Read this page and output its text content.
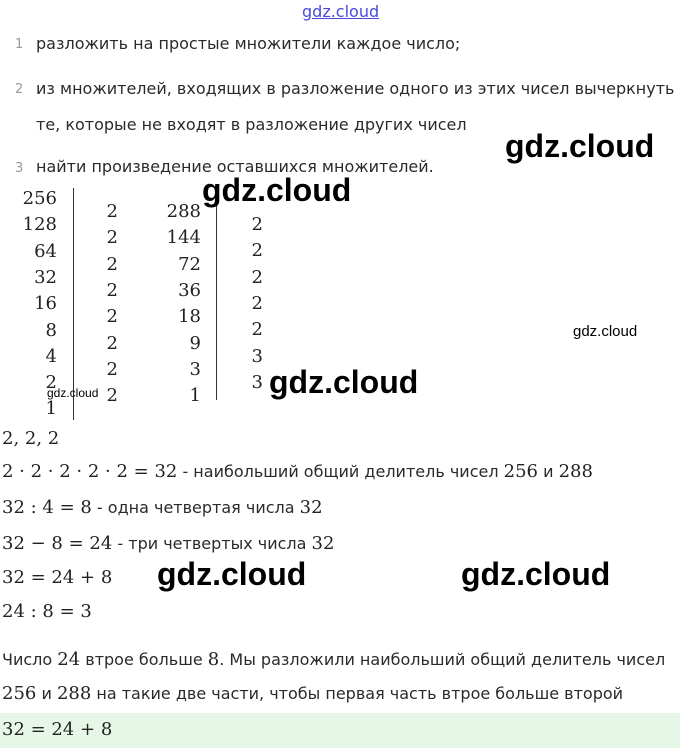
gdz.cloud
1 разложить на простые множители каждое число;
2 из множителей, входящих в разложение одного из этих чисел вычеркнуть
те, которые не входят в разложение других чисел
3 найти произведение оставшихся множителей.
256
128
64
32
16
8
4
2
1
2
2
2
2
2
2
2
2
288
144
72
36
18
9
3
1
2
2
2
2
2
3
3
gdz.cloud
gdz.cloud
gdz.cloud
gdz.cloud
gdz.cloud
gdz.cloud	gdz.cloud
2, 2, 2
2 · 2 · 2 · 2 · 2 = 32 - наибольший общий делитель чисел 256 и 288
32 : 4 = 8 - одна четвертая числа 32
32 − 8 = 24 - три четвертых числа 32
32 = 24 + 8
24 : 8 = 3
Число 24 втрое больше 8. Мы разложили наибольший общий делитель чисел
256 и 288 на такие две части, чтобы первая часть втрое больше второй
32 = 24 + 8
